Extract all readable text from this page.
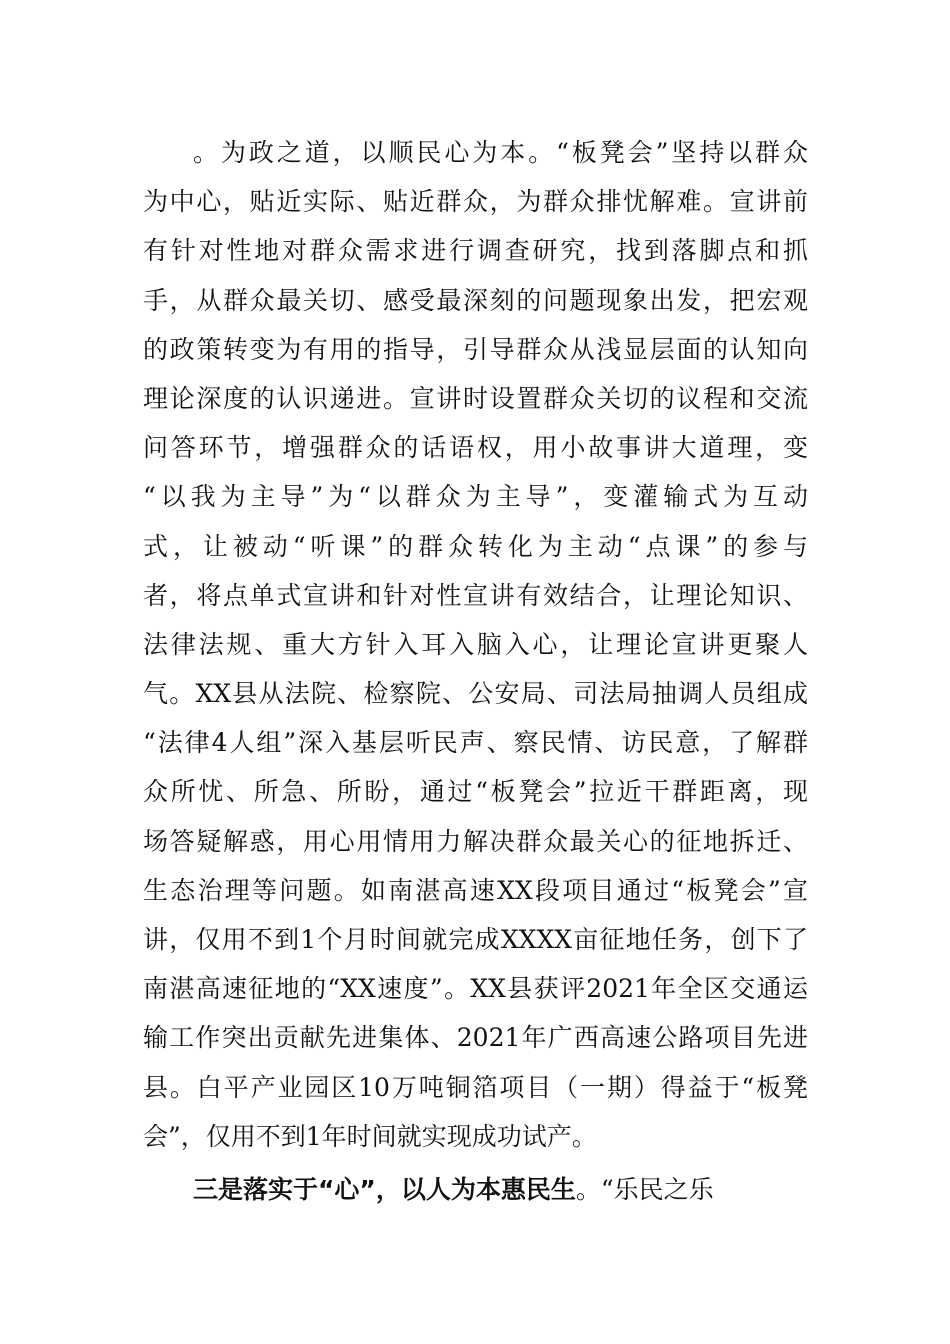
。为政之道，以顺民心为本。“板凳会”坚持以群众
为中心，贴近实际、贴近群众，为群众排忧解难。宣讲前
有针对性地对群众需求进行调查研究，找到落脚点和抓
手，从群众最关切、感受最深刻的问题现象出发，把宏观
的政策转变为有用的指导，引导群众从浅显层面的认知向
理论深度的认识递进。宣讲时设置群众关切的议程和交流
问答环节，增强群众的话语权，用小故事讲大道理，变
“以我为主导”为“以群众为主导”，变灌输式为互动
式，让被动“听课”的群众转化为主动“点课”的参与
者，将点单式宣讲和针对性宣讲有效结合，让理论知识、
法律法规、重大方针入耳入脑入心，让理论宣讲更聚人
气。XX县从法院、检察院、公安局、司法局抽调人员组成
“法律4人组”深入基层听民声、察民情、访民意，了解群
众所忧、所急、所盼，通过“板凳会”拉近干群距离，现
场答疑解惑，用心用情用力解决群众最关心的征地拆迁、
生态治理等问题。如南湛高速XX段项目通过“板凳会”宣
讲，仅用不到1个月时间就完成XXXX亩征地任务，创下了
南湛高速征地的“XX速度”。XX县获评2021年全区交通运
输工作突出贡献先进集体、2021年广西高速公路项目先进
县。白平产业园区10万吨铜箔项目（一期）得益于“板凳
会”，仅用不到1年时间就实现成功试产。
三是落实于“心”，以人为本惠民生。“乐民之乐
